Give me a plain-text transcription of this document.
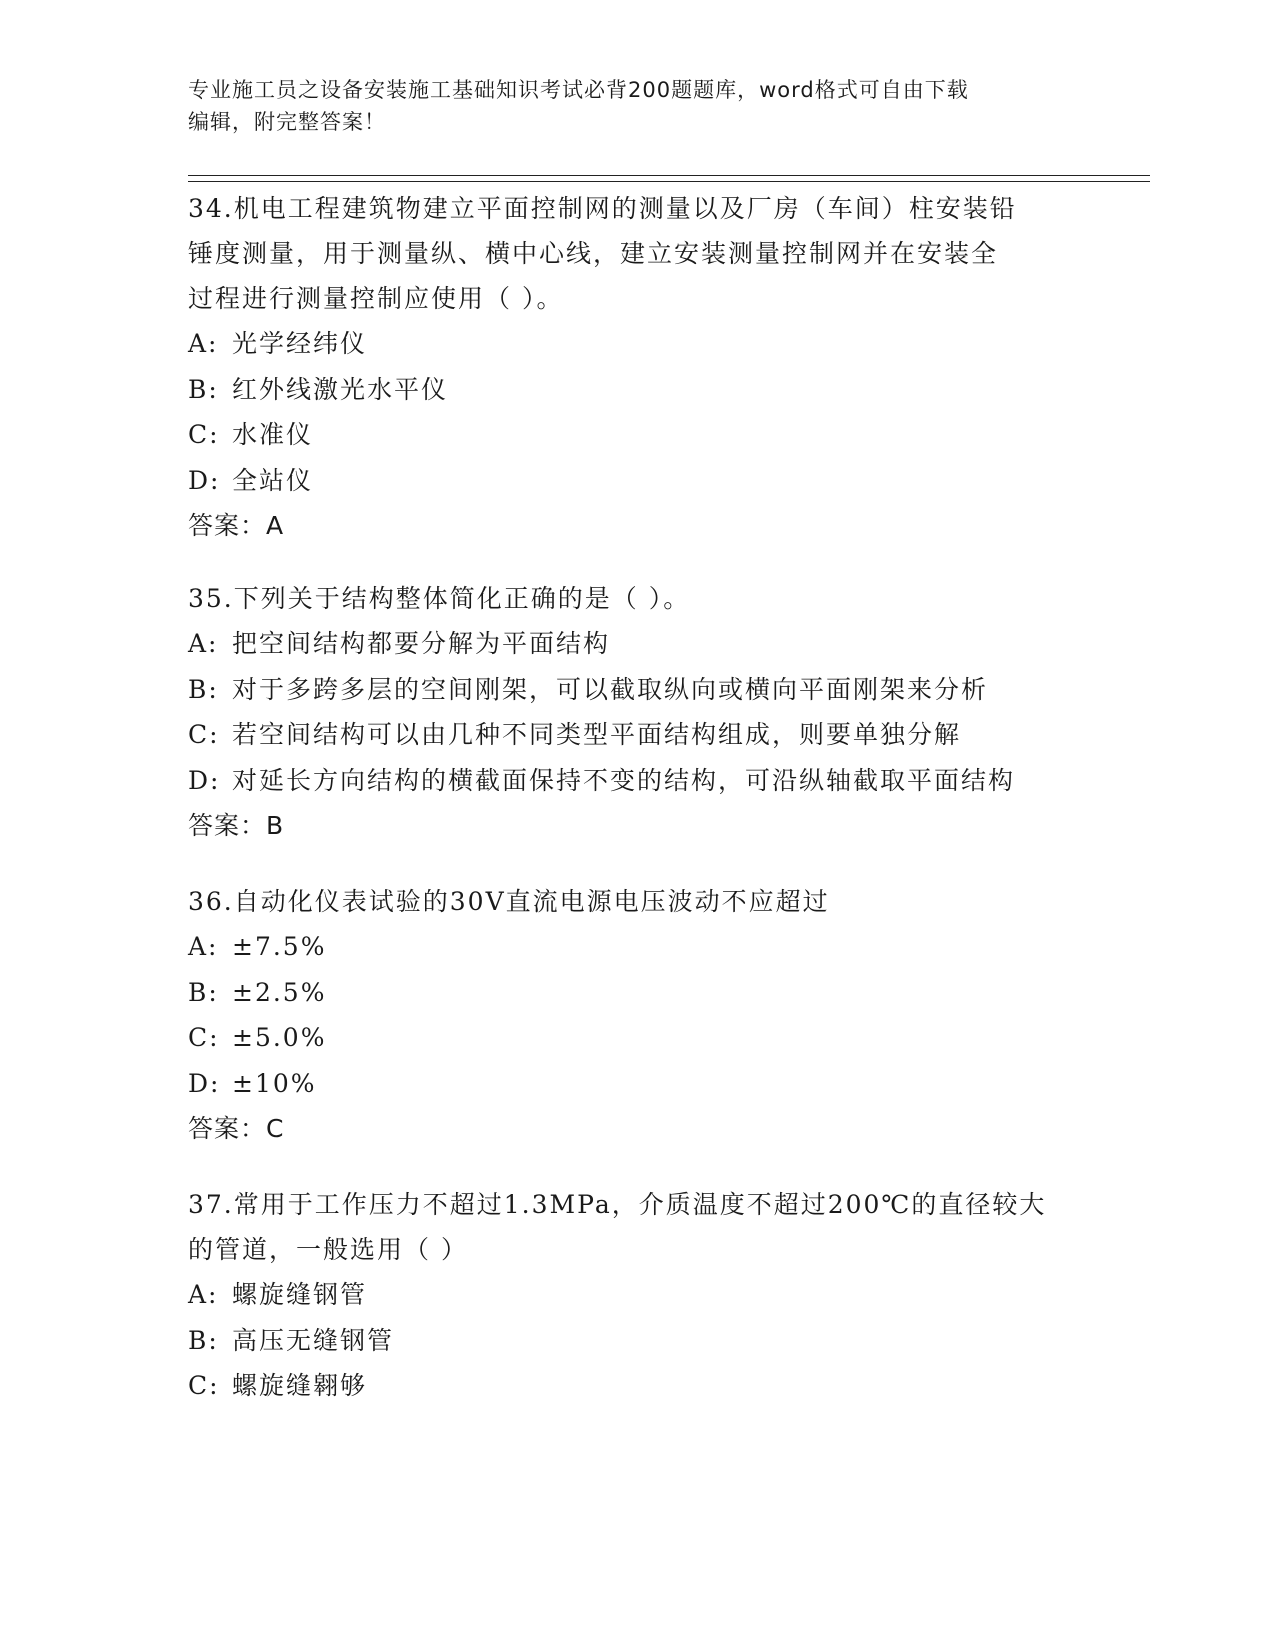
专业施工员之设备安装施工基础知识考试必背200题题库，word格式可自由下载
编辑，附完整答案！
34.机电工程建筑物建立平面控制网的测量以及厂房（车间）柱安装铅
锤度测量，用于测量纵、横中心线，建立安装测量控制网并在安装全
过程进行测量控制应使用（ ）。
A: 光学经纬仪
B: 红外线激光水平仪
C: 水准仪
D: 全站仪
答案：A
35.下列关于结构整体简化正确的是（ ）。
A: 把空间结构都要分解为平面结构
B: 对于多跨多层的空间刚架，可以截取纵向或横向平面刚架来分析
C: 若空间结构可以由几种不同类型平面结构组成，则要单独分解
D: 对延长方向结构的横截面保持不变的结构，可沿纵轴截取平面结构
答案：B
36.自动化仪表试验的30V直流电源电压波动不应超过
A: ±7.5%
B: ±2.5%
C: ±5.0%
D: ±10%
答案：C
37.常用于工作压力不超过1.3MPa，介质温度不超过200℃的直径较大
的管道，一般选用（ ）
A: 螺旋缝钢管
B: 高压无缝钢管
C: 螺旋缝翱够
